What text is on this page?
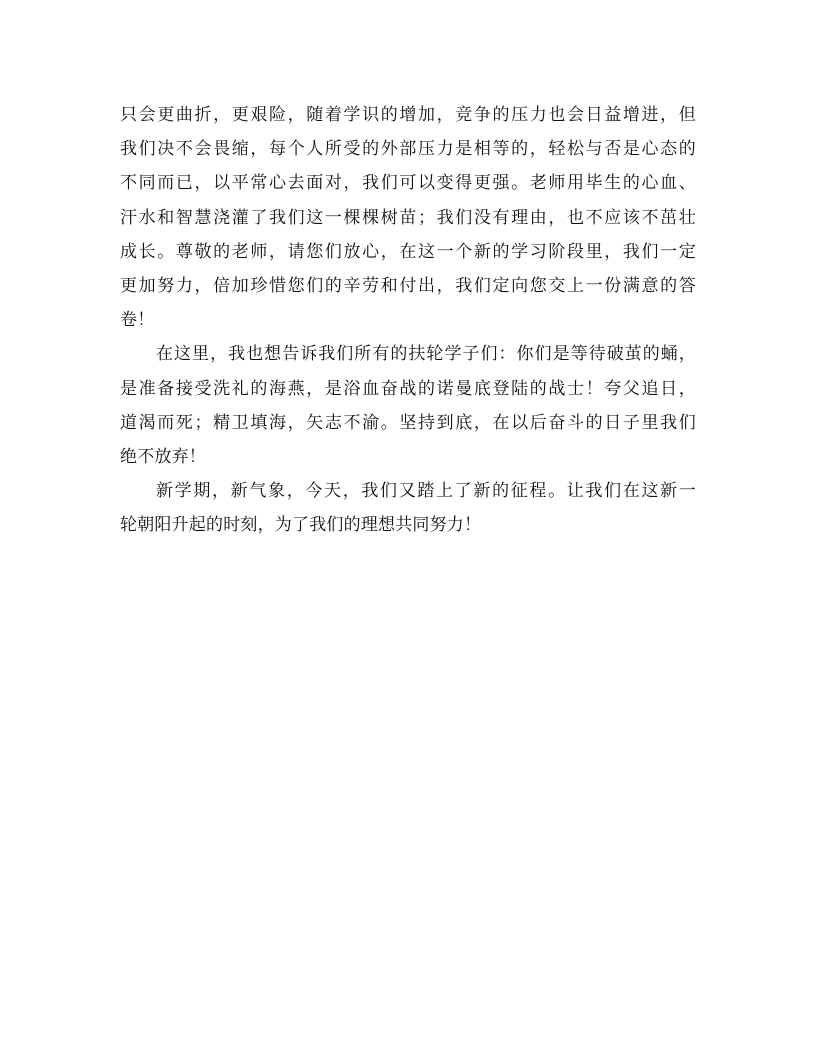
只会更曲折，更艰险，随着学识的增加，竞争的压力也会日益增进，但
我们决不会畏缩，每个人所受的外部压力是相等的，轻松与否是心态的
不同而已，以平常心去面对，我们可以变得更强。老师用毕生的心血、
汗水和智慧浇灌了我们这一棵棵树苗；我们没有理由，也不应该不茁壮
成长。尊敬的老师，请您们放心，在这一个新的学习阶段里，我们一定
更加努力，倍加珍惜您们的辛劳和付出，我们定向您交上一份满意的答
卷！
在这里，我也想告诉我们所有的扶轮学子们：你们是等待破茧的蛹，
是准备接受洗礼的海燕，是浴血奋战的诺曼底登陆的战士！夸父追日，
道渴而死；精卫填海，矢志不渝。坚持到底，在以后奋斗的日子里我们
绝不放弃！
新学期，新气象，今天，我们又踏上了新的征程。让我们在这新一
轮朝阳升起的时刻，为了我们的理想共同努力！
